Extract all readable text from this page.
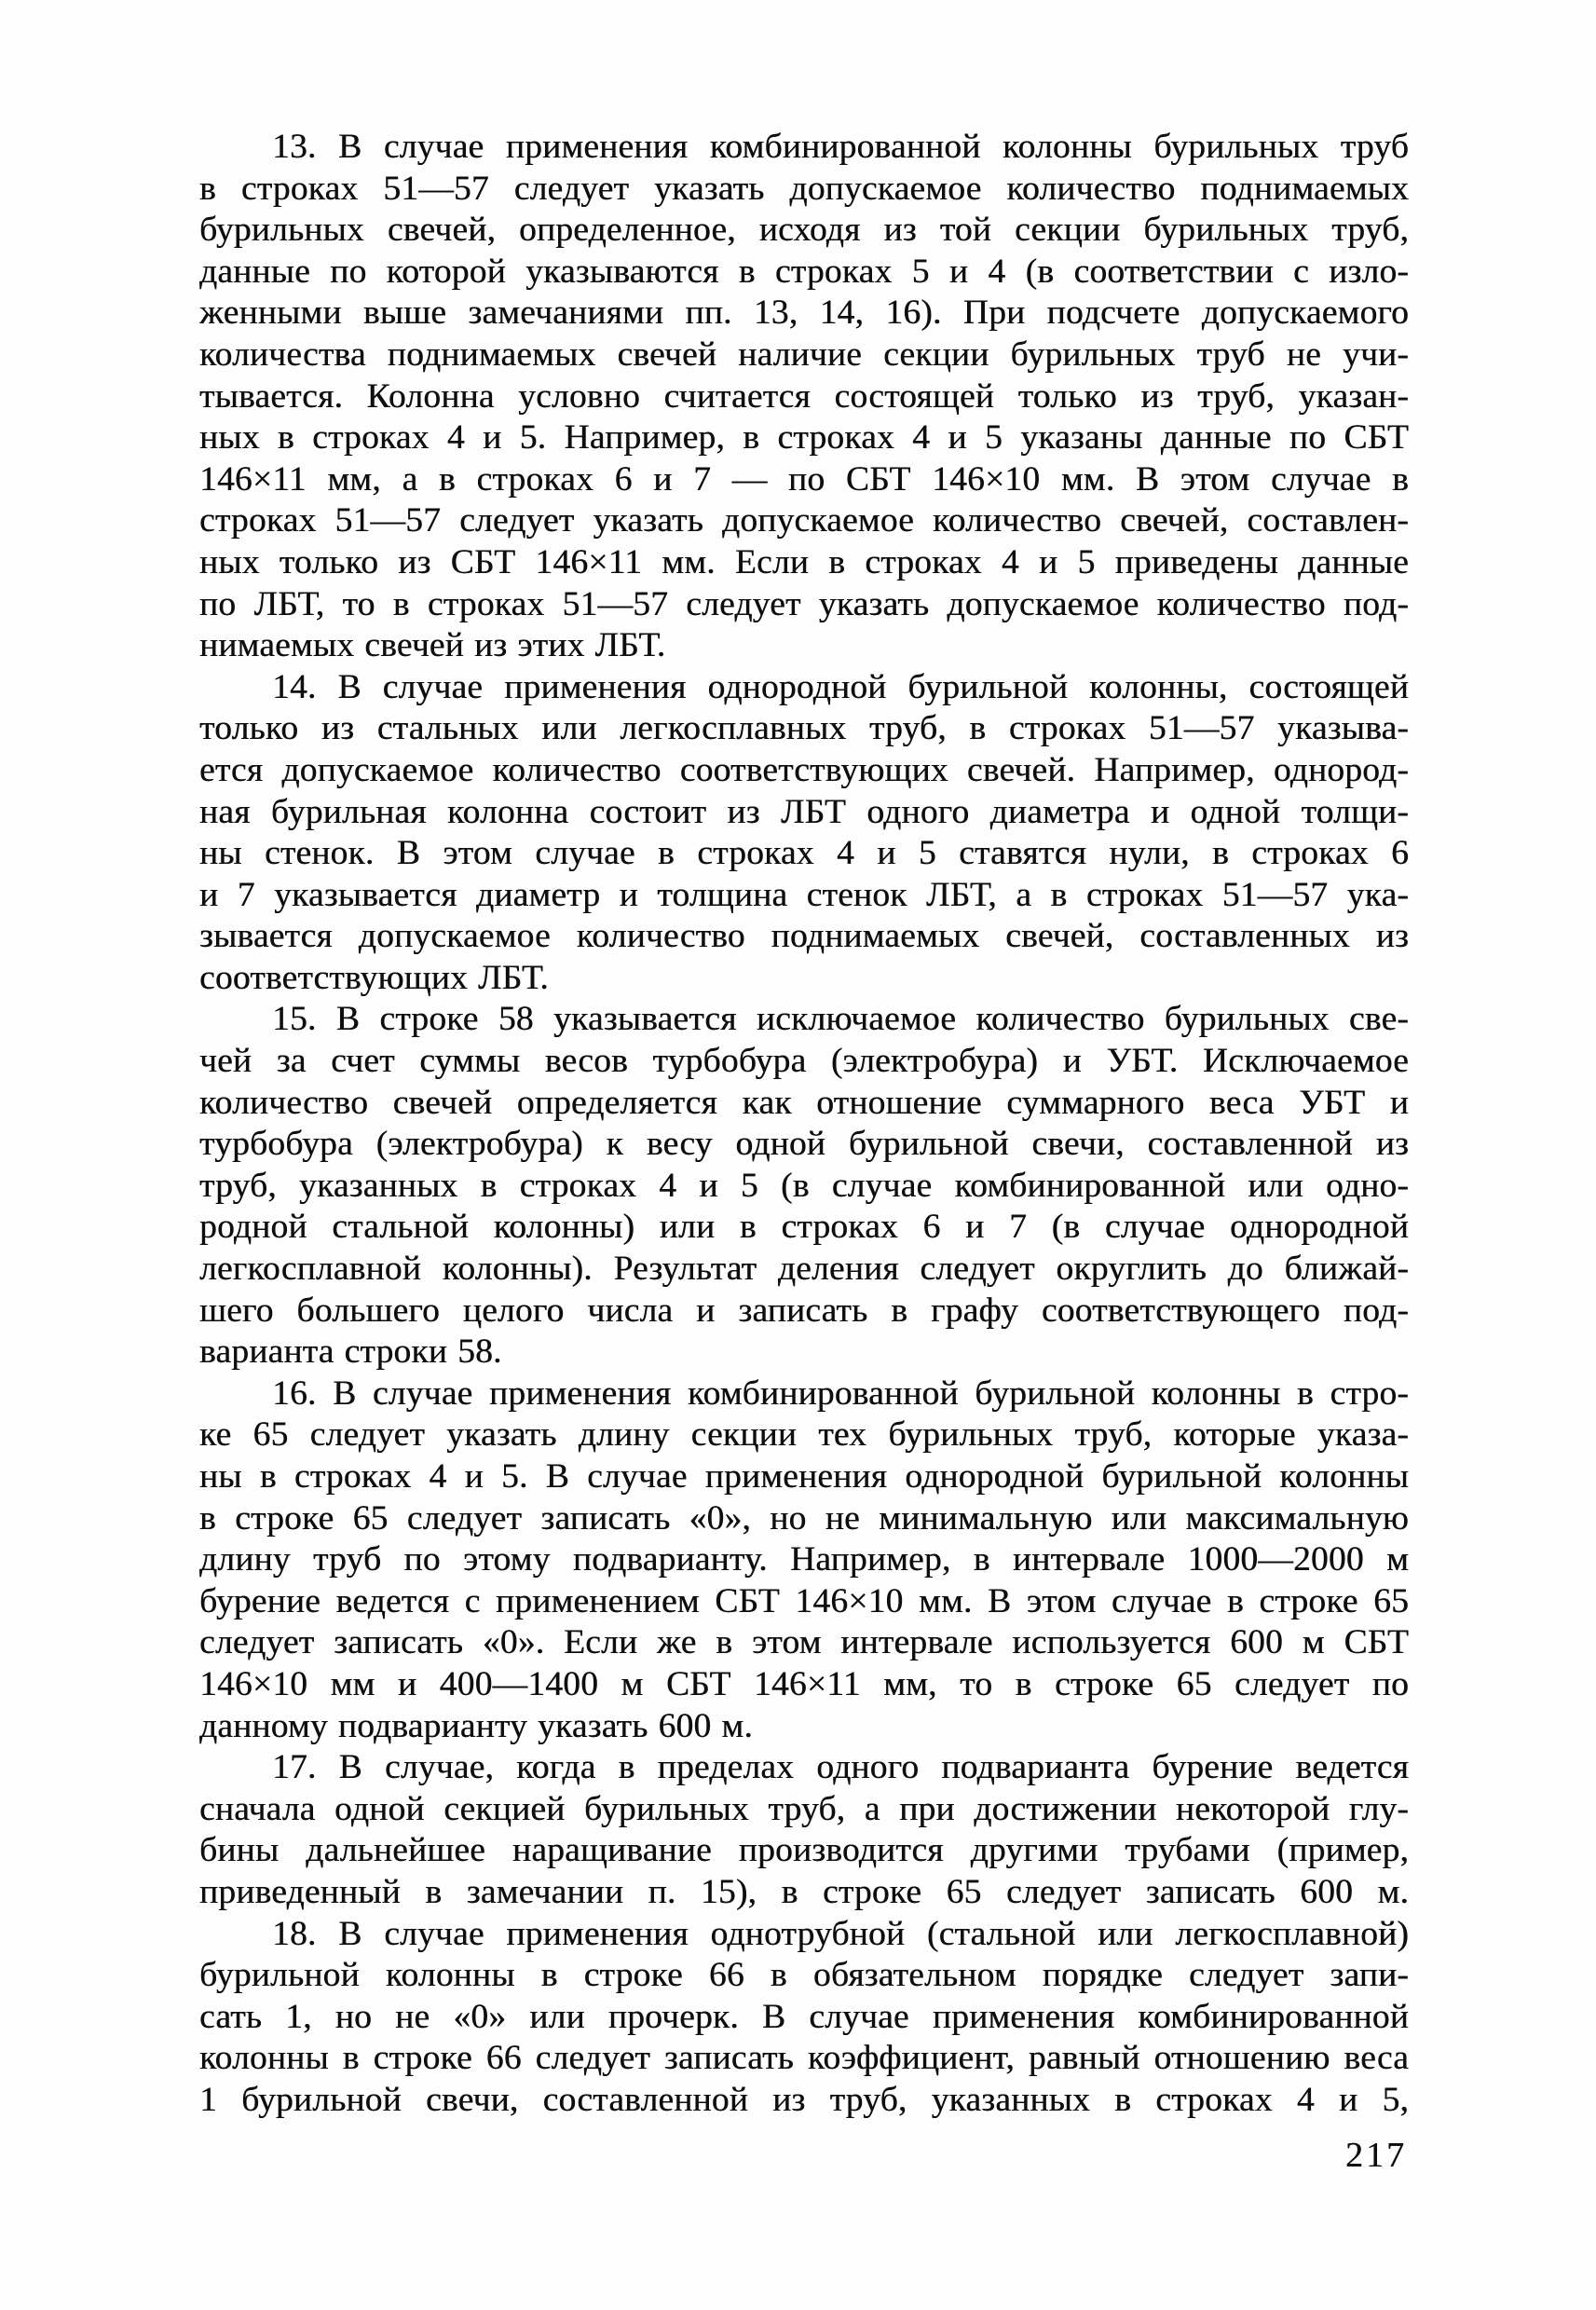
13. В случае применения комбинированной колонны бурильных труб
в строках 51—57 следует указать допускаемое количество поднимаемых
бурильных свечей, определенное, исходя из той секции бурильных труб,
данные по которой указываются в строках 5 и 4 (в соответствии с изло-
женными выше замечаниями пп. 13, 14, 16). При подсчете допускаемого
количества поднимаемых свечей наличие секции бурильных труб не учи-
тывается. Колонна условно считается состоящей только из труб, указан-
ных в строках 4 и 5. Например, в строках 4 и 5 указаны данные по СБТ
146×11 мм, а в строках 6 и 7 — по СБТ 146×10 мм. В этом случае в
строках 51—57 следует указать допускаемое количество свечей, составлен-
ных только из СБТ 146×11 мм. Если в строках 4 и 5 приведены данные
по ЛБТ, то в строках 51—57 следует указать допускаемое количество под-
нимаемых свечей из этих ЛБТ.
14. В случае применения однородной бурильной колонны, состоящей
только из стальных или легкосплавных труб, в строках 51—57 указыва-
ется допускаемое количество соответствующих свечей. Например, однород-
ная бурильная колонна состоит из ЛБТ одного диаметра и одной толщи-
ны стенок. В этом случае в строках 4 и 5 ставятся нули, в строках 6
и 7 указывается диаметр и толщина стенок ЛБТ, а в строках 51—57 ука-
зывается допускаемое количество поднимаемых свечей, составленных из
соответствующих ЛБТ.
15. В строке 58 указывается исключаемое количество бурильных све-
чей за счет суммы весов турбобура (электробура) и УБТ. Исключаемое
количество свечей определяется как отношение суммарного веса УБТ и
турбобура (электробура) к весу одной бурильной свечи, составленной из
труб, указанных в строках 4 и 5 (в случае комбинированной или одно-
родной стальной колонны) или в строках 6 и 7 (в случае однородной
легкосплавной колонны). Результат деления следует округлить до ближай-
шего большего целого числа и записать в графу соответствующего под-
варианта строки 58.
16. В случае применения комбинированной бурильной колонны в стро-
ке 65 следует указать длину секции тех бурильных труб, которые указа-
ны в строках 4 и 5. В случае применения однородной бурильной колонны
в строке 65 следует записать «0», но не минимальную или максимальную
длину труб по этому подварианту. Например, в интервале 1000—2000 м
бурение ведется с применением СБТ 146×10 мм. В этом случае в строке 65
следует записать «0». Если же в этом интервале используется 600 м СБТ
146×10 мм и 400—1400 м СБТ 146×11 мм, то в строке 65 следует по
данному подварианту указать 600 м.
17. В случае, когда в пределах одного подварианта бурение ведется
сначала одной секцией бурильных труб, а при достижении некоторой глу-
бины дальнейшее наращивание производится другими трубами (пример,
приведенный в замечании п. 15), в строке 65 следует записать 600 м.
18. В случае применения однотрубной (стальной или легкосплавной)
бурильной колонны в строке 66 в обязательном порядке следует запи-
сать 1, но не «0» или прочерк. В случае применения комбинированной
колонны в строке 66 следует записать коэффициент, равный отношению веса
1 бурильной свечи, составленной из труб, указанных в строках 4 и 5,
217
